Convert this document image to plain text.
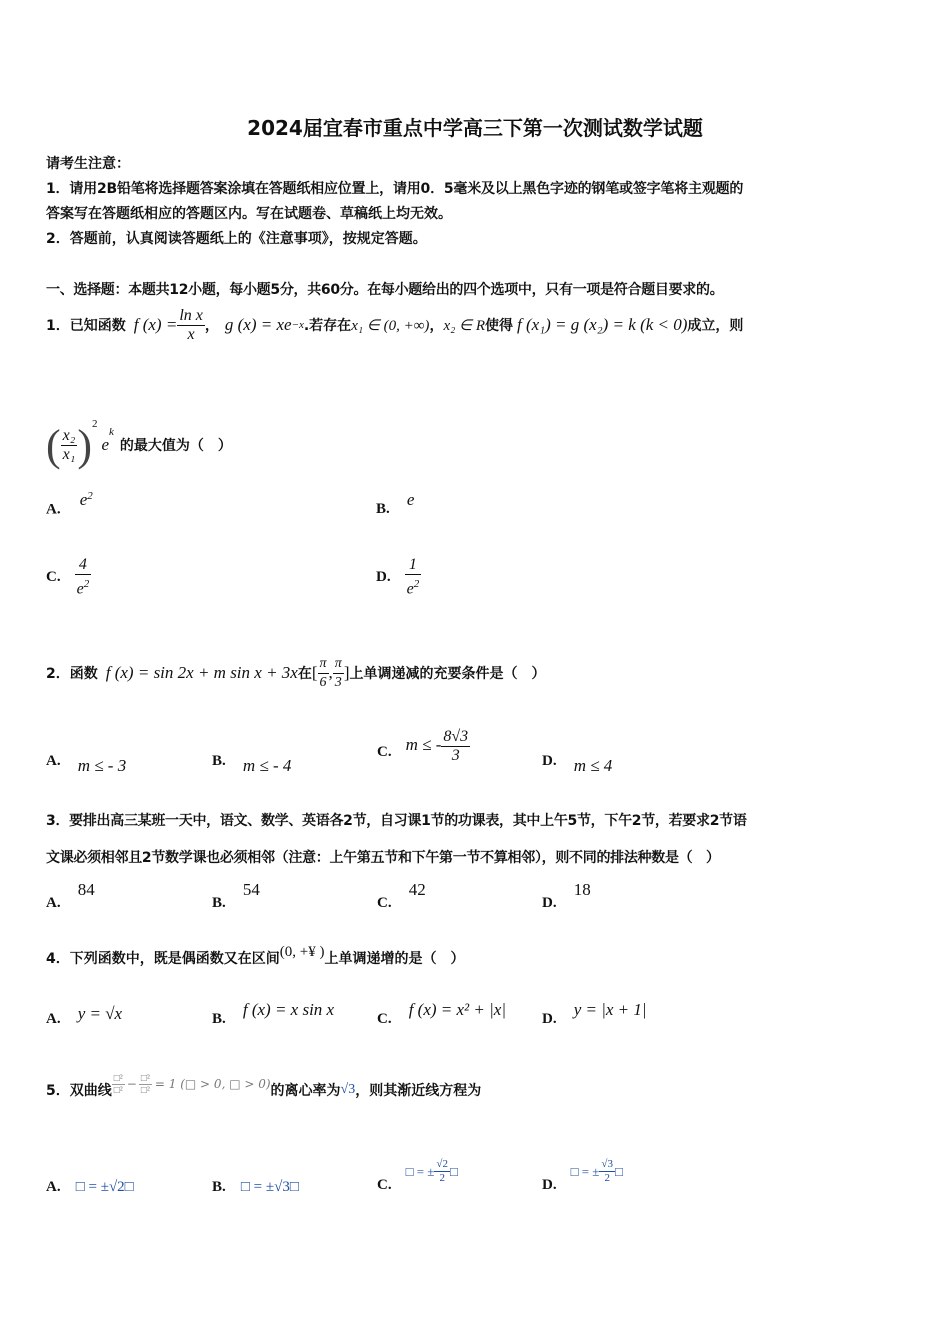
2024届宜春市重点中学高三下第一次测试数学试题
请考生注意：
1．请用2B铅笔将选择题答案涂填在答题纸相应位置上，请用0．5毫米及以上黑色字迹的钢笔或签字笔将主观题的
答案写在答题纸相应的答题区内。写在试题卷、草稿纸上均无效。
2．答题前，认真阅读答题纸上的《注意事项》，按规定答题。
一、选择题：本题共12小题，每小题5分，共60分。在每小题给出的四个选项中，只有一项是符合题目要求的。
1．已知函数 f $(x) = \frac{\text{ln x}}{x}$ ， g (x) = xe −x .若存在 x₁ ∈ (0, +∞) ， x₂ ∈ R 使得 f (x₁) = g (x₂) = k (k < 0) 成立，则
( $\frac{\text{x₂}}{\text{x₁}} )^2$
e
$^k$
的最大值为（　）
A. $e^2$
B. e
C. $\frac{4}{e^2}$	D. $\frac{1}{e^2}$
2．函数 f (x) = sin 2x + m sin x + 3x 在 [ $\frac{\pi}{6}$ , $\frac{\pi}{3}$ ] 上单调递减的充要条件是（　）
A. m ≤ - 3	B. m ≤ - 4
C. m ≤ - $\frac{8√3}{3}$	D. m ≤ 4
3．要排出高三某班一天中，语文、数学、英语各2节，自习课1节的功课表，其中上午5节，下午2节，若要求2节语
文课必须相邻且2节数学课也必须相邻（注意：上午第五节和下午第一节不算相邻），则不同的排法种数是（　）
A. 84
B. 54
C. 42
D. 18
4．下列函数中，既是偶函数又在区间 (0, +¥ ) 上单调递增的是（　）
A. y = √x	B. f (x) = x sin x	C. f (x) = x² + |x| D. y = |x + 1|
5．双曲线 $\frac{\text{□²}}{\text{□²}} - \frac{\text{□²}}{\text{□²}} = 1$ (□ > 0, □ > 0) 的离心率为 √3 ，则其渐近线方程为
A. □ = ±√2□	B. □ = ±√3□	C.
□ = ± $\frac{√2}{2}$ □
D.
□ = ± $\frac{√3}{2}$ □
